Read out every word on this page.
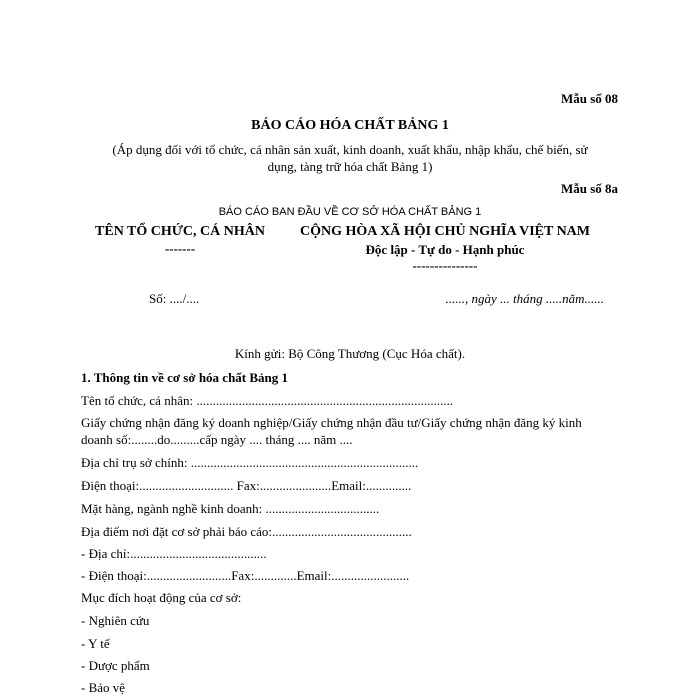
Mẫu số 08
BÁO CÁO HÓA CHẤT BẢNG 1
(Áp dụng đối với tổ chức, cá nhân sản xuất, kinh doanh, xuất khẩu, nhập khẩu, chế biến, sử
dụng, tàng trữ hóa chất Bảng 1)
Mẫu số 8a
BÁO CÁO BAN ĐẦU VỀ CƠ SỞ HÓA CHẤT BẢNG 1
TÊN TỔ CHỨC, CÁ NHÂN
-------
CỘNG HÒA XÃ HỘI CHỦ NGHĨA VIỆT NAM
Độc lập - Tự do - Hạnh phúc
---------------
Số: ..../....	......, ngày ... tháng .....năm......
Kính gửi: Bộ Công Thương (Cục Hóa chất).
1. Thông tin về cơ sở hóa chất Bảng 1
Tên tổ chức, cá nhân: ...............................................................................
Giấy chứng nhận đăng ký doanh nghiệp/Giấy chứng nhận đầu tư/Giấy chứng nhận đăng ký kinh
doanh số:........do.........cấp ngày .... tháng .... năm ....
Địa chỉ trụ sở chính: ......................................................................
Điện thoại:............................. Fax:......................Email:..............
Mặt hàng, ngành nghề kinh doanh: ...................................
Địa điểm nơi đặt cơ sở phải báo cáo:...........................................
- Địa chỉ:..........................................
- Điện thoại:..........................Fax:.............Email:........................
Mục đích hoạt động của cơ sở:
- Nghiên cứu
- Y tế
- Dược phẩm
- Bảo vệ
